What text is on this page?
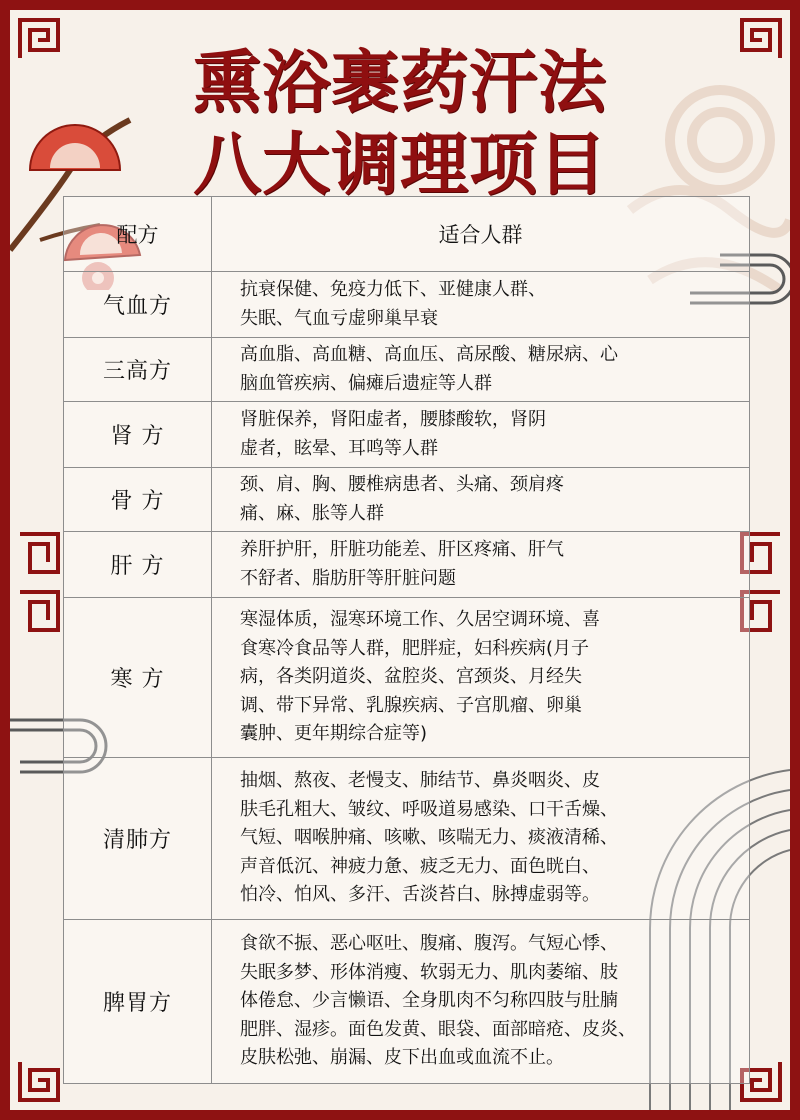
熏浴裹药汗法
八大调理项目
配方	适合人群
气血方	抗衰保健、免疫力低下、亚健康人群、
失眠、气血亏虚卵巢早衰

三高方	高血脂、高血糖、高血压、高尿酸、糖尿病、心
脑血管疾病、偏瘫后遗症等人群

肾 方	肾脏保养，肾阳虚者，腰膝酸软，肾阴
虚者，眩晕、耳鸣等人群

骨 方	颈、肩、胸、腰椎病患者、头痛、颈肩疼
痛、麻、胀等人群

肝 方	养肝护肝，肝脏功能差、肝区疼痛、肝气
不舒者、脂肪肝等肝脏问题

寒 方	寒湿体质，湿寒环境工作、久居空调环境、喜
食寒冷食品等人群，肥胖症，妇科疾病(月子
病，各类阴道炎、盆腔炎、宫颈炎、月经失
调、带下异常、乳腺疾病、子宫肌瘤、卵巢
囊肿、更年期综合症等)

清肺方	抽烟、熬夜、老慢支、肺结节、鼻炎咽炎、皮
肤毛孔粗大、皱纹、呼吸道易感染、口干舌燥、
气短、咽喉肿痛、咳嗽、咳喘无力、痰液清稀、
声音低沉、神疲力惫、疲乏无力、面色晄白、
怕冷、怕风、多汗、舌淡苔白、脉搏虚弱等。

脾胃方	食欲不振、恶心呕吐、腹痛、腹泻。气短心悸、
失眠多梦、形体消瘦、软弱无力、肌肉萎缩、肢
体倦怠、少言懒语、全身肌肉不匀称四肢与肚腩
肥胖、湿疹。面色发黄、眼袋、面部暗疮、皮炎、
皮肤松弛、崩漏、皮下出血或血流不止。
